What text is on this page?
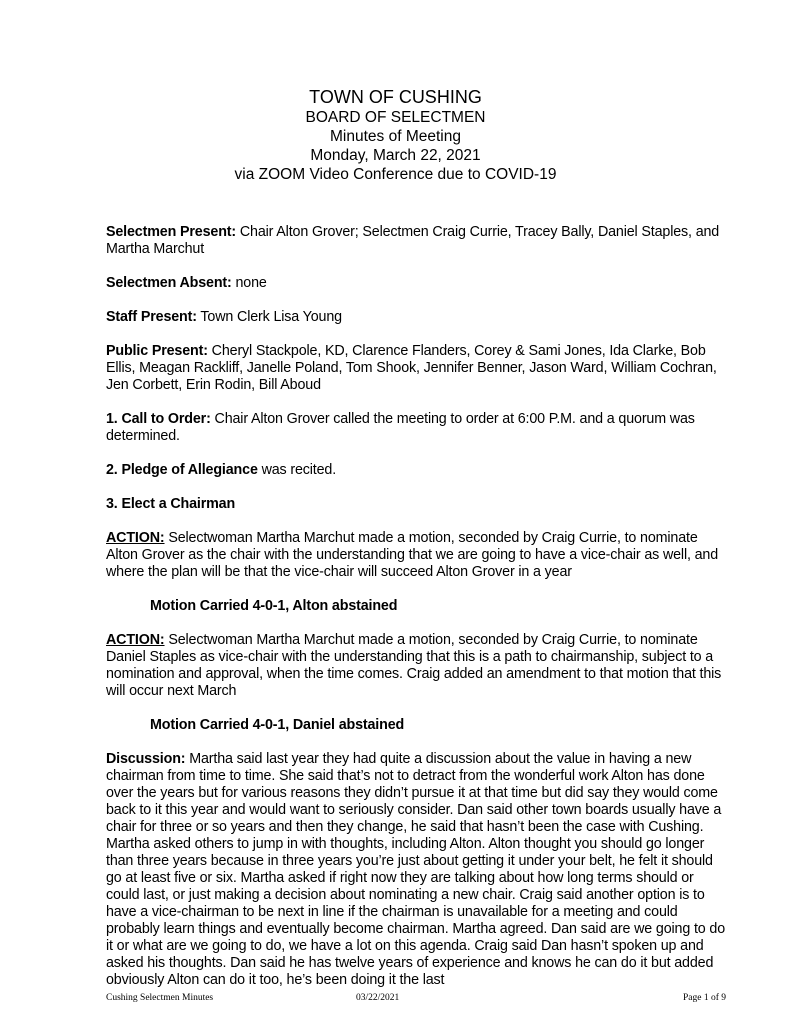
TOWN OF CUSHING
BOARD OF SELECTMEN
Minutes of Meeting
Monday, March 22, 2021
via ZOOM Video Conference due to COVID-19

Selectmen Present: Chair Alton Grover; Selectmen Craig Currie, Tracey Bally, Daniel Staples, and Martha Marchut

Selectmen Absent: none

Staff Present: Town Clerk Lisa Young

Public Present: Cheryl Stackpole, KD, Clarence Flanders, Corey & Sami Jones, Ida Clarke, Bob Ellis, Meagan Rackliff, Janelle Poland, Tom Shook, Jennifer Benner, Jason Ward, William Cochran, Jen Corbett, Erin Rodin, Bill Aboud

1. Call to Order: Chair Alton Grover called the meeting to order at 6:00 P.M. and a quorum was determined.

2. Pledge of Allegiance was recited.

3. Elect a Chairman

ACTION: Selectwoman Martha Marchut made a motion, seconded by Craig Currie, to nominate Alton Grover as the chair with the understanding that we are going to have a vice-chair as well, and where the plan will be that the vice-chair will succeed Alton Grover in a year

Motion Carried 4-0-1, Alton abstained

ACTION: Selectwoman Martha Marchut made a motion, seconded by Craig Currie, to nominate Daniel Staples as vice-chair with the understanding that this is a path to chairmanship, subject to a nomination and approval, when the time comes. Craig added an amendment to that motion that this will occur next March

Motion Carried 4-0-1, Daniel abstained

Discussion: Martha said last year they had quite a discussion about the value in having a new chairman from time to time. She said that’s not to detract from the wonderful work Alton has done over the years but for various reasons they didn’t pursue it at that time but did say they would come back to it this year and would want to seriously consider. Dan said other town boards usually have a chair for three or so years and then they change, he said that hasn’t been the case with Cushing. Martha asked others to jump in with thoughts, including Alton. Alton thought you should go longer than three years because in three years you’re just about getting it under your belt, he felt it should go at least five or six. Martha asked if right now they are talking about how long terms should or could last, or just making a decision about nominating a new chair. Craig said another option is to have a vice-chairman to be next in line if the chairman is unavailable for a meeting and could probably learn things and eventually become chairman. Martha agreed. Dan said are we going to do it or what are we going to do, we have a lot on this agenda. Craig said Dan hasn’t spoken up and asked his thoughts. Dan said he has twelve years of experience and knows he can do it but added obviously Alton can do it too, he’s been doing it the last

Cushing Selectmen Minutes	03/22/2021	Page 1 of 9
